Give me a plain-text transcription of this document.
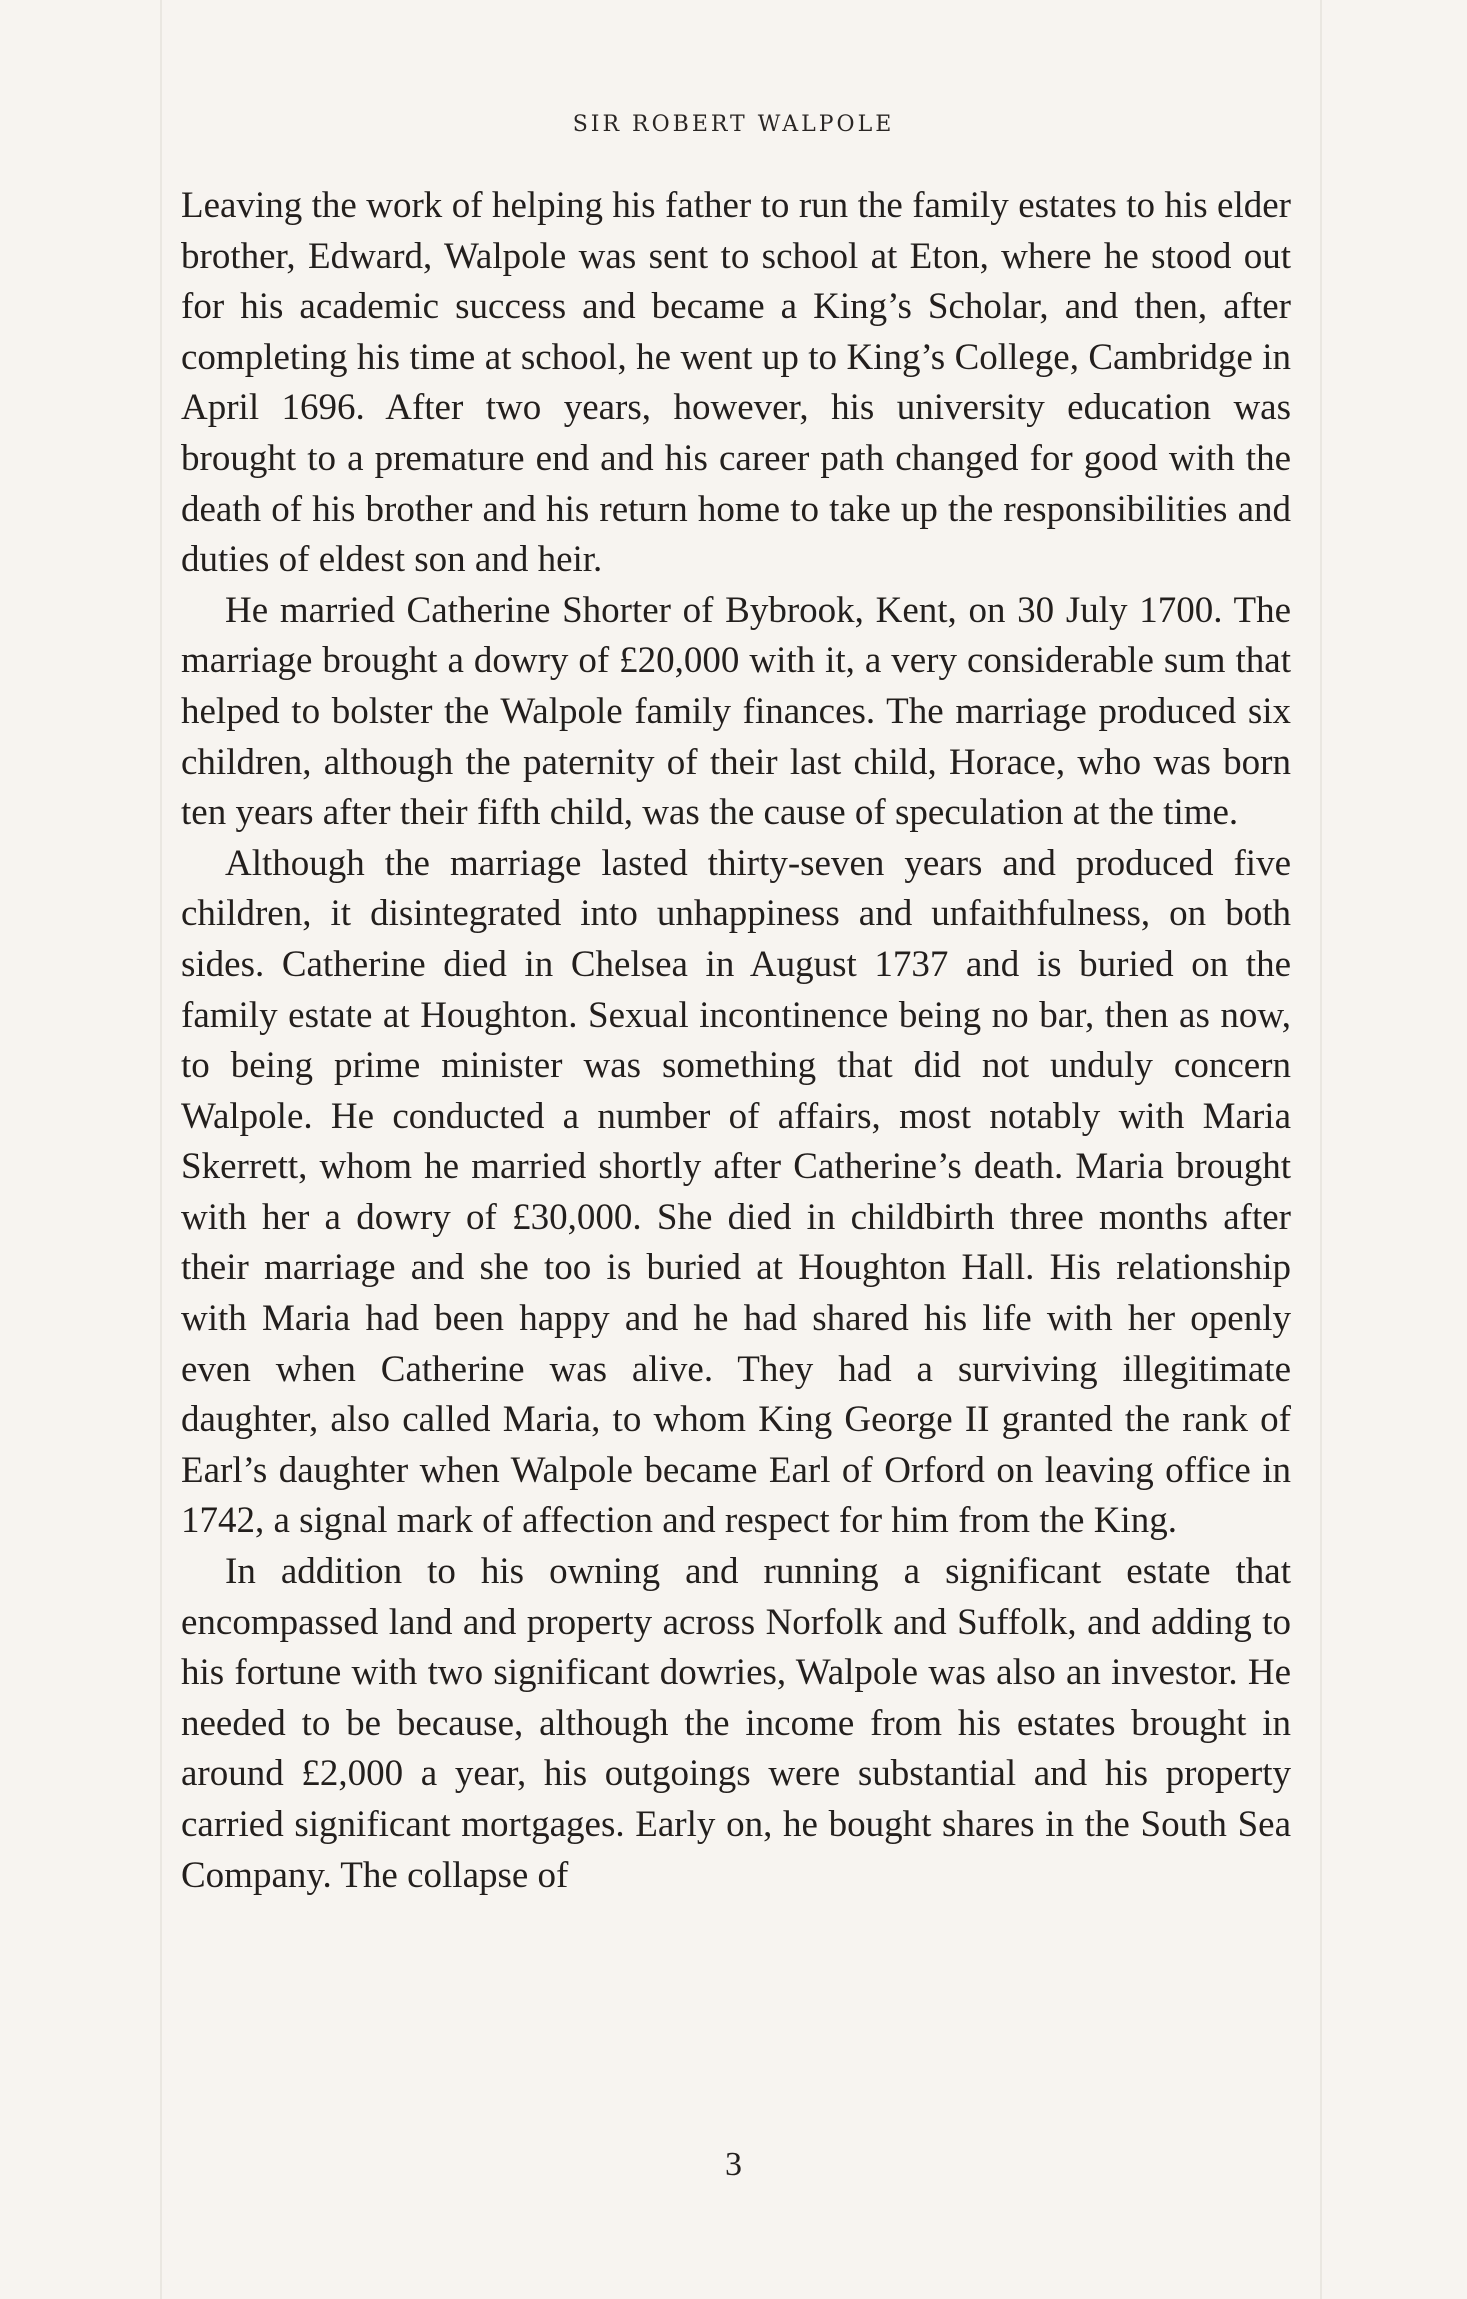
SIR ROBERT WALPOLE

Leaving the work of helping his father to run the family estates to his elder brother, Edward, Walpole was sent to school at Eton, where he stood out for his academic success and became a King’s Scholar, and then, after completing his time at school, he went up to King’s College, Cambridge in April 1696. After two years, however, his university education was brought to a premature end and his career path changed for good with the death of his brother and his return home to take up the responsibilities and duties of eldest son and heir.

He married Catherine Shorter of Bybrook, Kent, on 30 July 1700. The marriage brought a dowry of £20,000 with it, a very considerable sum that helped to bolster the Walpole family finances. The marriage produced six children, although the paternity of their last child, Horace, who was born ten years after their fifth child, was the cause of speculation at the time.

Although the marriage lasted thirty-seven years and produced five children, it disintegrated into unhappiness and unfaithfulness, on both sides. Catherine died in Chelsea in August 1737 and is buried on the family estate at Houghton. Sexual incontinence being no bar, then as now, to being prime minister was something that did not unduly concern Walpole. He conducted a number of affairs, most notably with Maria Skerrett, whom he married shortly after Catherine’s death. Maria brought with her a dowry of £30,000. She died in childbirth three months after their marriage and she too is buried at Houghton Hall. His relationship with Maria had been happy and he had shared his life with her openly even when Catherine was alive. They had a surviving illegitimate daughter, also called Maria, to whom King George II granted the rank of Earl’s daughter when Walpole became Earl of Orford on leaving office in 1742, a signal mark of affection and respect for him from the King.

In addition to his owning and running a significant estate that encompassed land and property across Norfolk and Suffolk, and adding to his fortune with two significant dowries, Walpole was also an investor. He needed to be because, although the income from his estates brought in around £2,000 a year, his outgoings were substantial and his property carried significant mortgages. Early on, he bought shares in the South Sea Company. The collapse of

3
